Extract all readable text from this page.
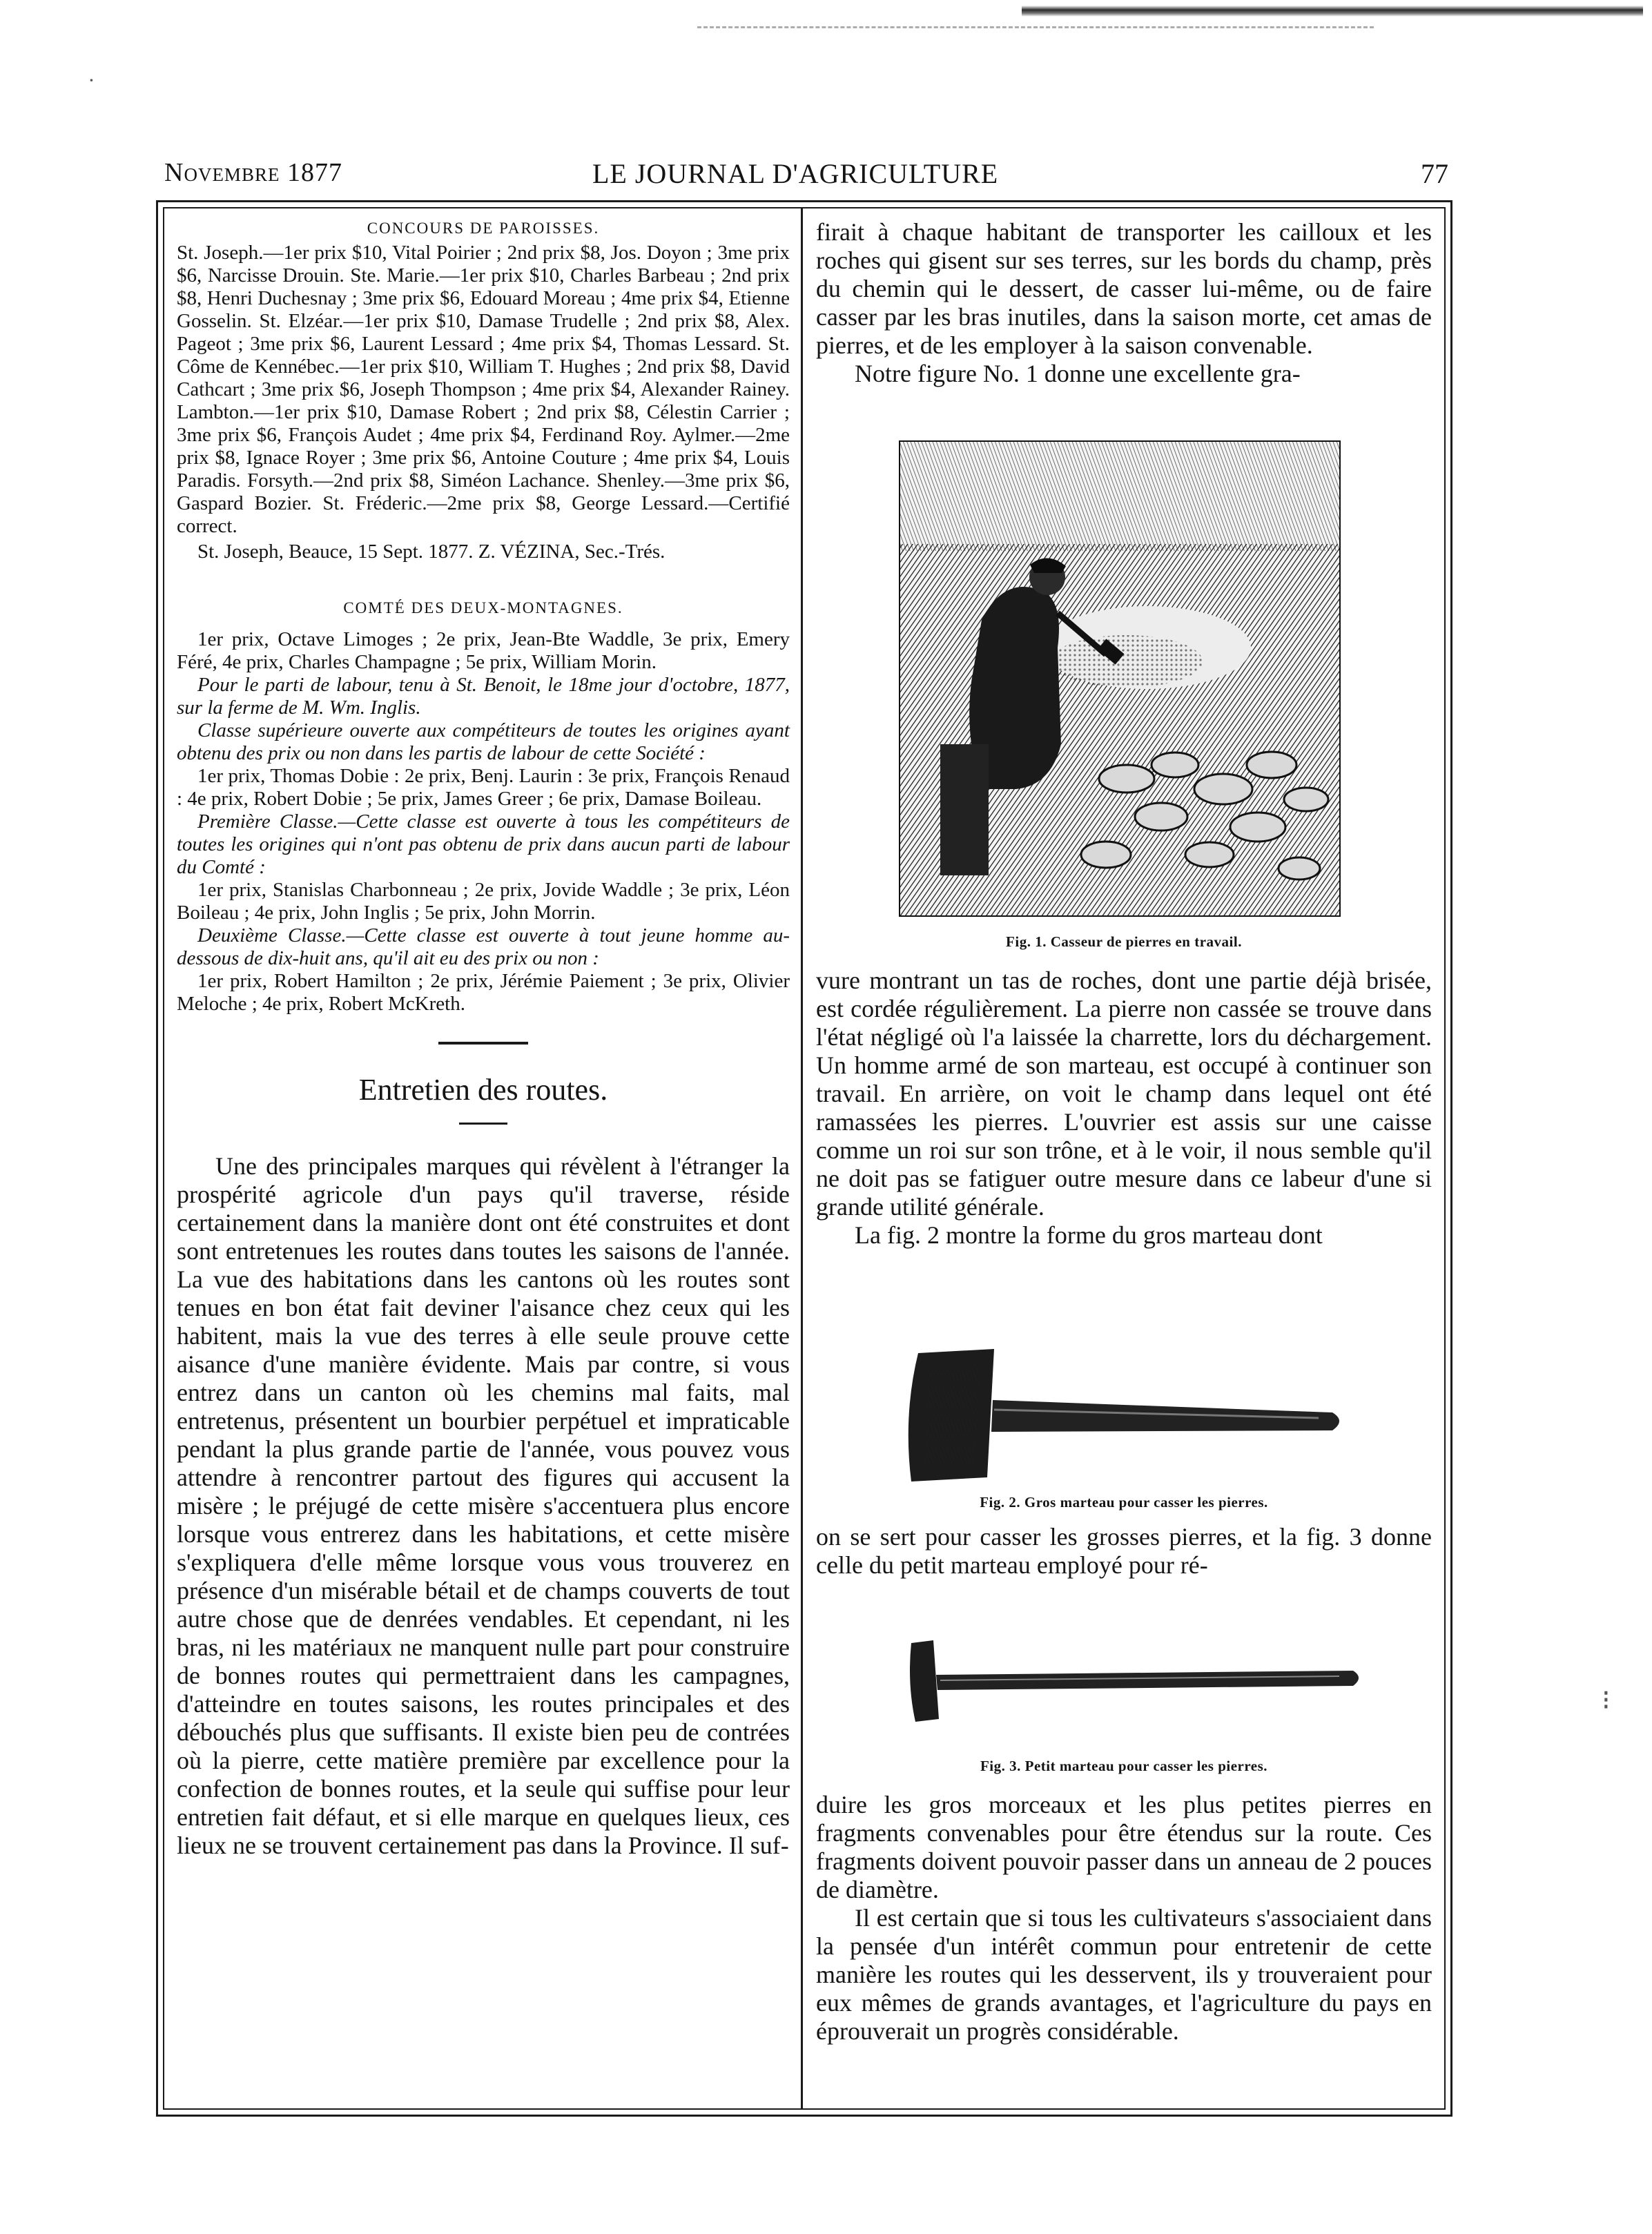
·
Novembre 1877	LE JOURNAL D'AGRICULTURE	77

CONCOURS DE PAROISSES.

St. Joseph.—1er prix $10, Vital Poirier ; 2nd prix $8, Jos. Doyon ; 3me prix $6, Narcisse Drouin. Ste. Marie.—1er prix $10, Charles Barbeau ; 2nd prix $8, Henri Duchesnay ; 3me prix $6, Edouard Moreau ; 4me prix $4, Etienne Gosselin. St. Elzéar.—1er prix $10, Damase Trudelle ; 2nd prix $8, Alex. Pageot ; 3me prix $6, Laurent Lessard ; 4me prix $4, Thomas Lessard. St. Côme de Kennébec.—1er prix $10, William T. Hughes ; 2nd prix $8, David Cathcart ; 3me prix $6, Joseph Thompson ; 4me prix $4, Alexander Rainey. Lambton.—1er prix $10, Damase Robert ; 2nd prix $8, Célestin Carrier ; 3me prix $6, François Audet ; 4me prix $4, Ferdinand Roy. Aylmer.—2me prix $8, Ignace Royer ; 3me prix $6, Antoine Couture ; 4me prix $4, Louis Paradis. Forsyth.—2nd prix $8, Siméon Lachance. Shenley.—3me prix $6, Gaspard Bozier. St. Fréderic.—2me prix $8, George Lessard.—Certifié correct.

St. Joseph, Beauce, 15 Sept. 1877. Z. VÉZINA, Sec.-Trés.

COMTÉ DES DEUX-MONTAGNES.

1er prix, Octave Limoges ; 2e prix, Jean-Bte Waddle, 3e prix, Emery Féré, 4e prix, Charles Champagne ; 5e prix, William Morin.

Pour le parti de labour, tenu à St. Benoit, le 18me jour d'octobre, 1877, sur la ferme de M. Wm. Inglis.

Classe supérieure ouverte aux compétiteurs de toutes les origines ayant obtenu des prix ou non dans les partis de labour de cette Société :

1er prix, Thomas Dobie : 2e prix, Benj. Laurin : 3e prix, François Renaud : 4e prix, Robert Dobie ; 5e prix, James Greer ; 6e prix, Damase Boileau.

Première Classe.—Cette classe est ouverte à tous les compétiteurs de toutes les origines qui n'ont pas obtenu de prix dans aucun parti de labour du Comté :

1er prix, Stanislas Charbonneau ; 2e prix, Jovide Waddle ; 3e prix, Léon Boileau ; 4e prix, John Inglis ; 5e prix, John Morrin.

Deuxième Classe.—Cette classe est ouverte à tout jeune homme au-dessous de dix-huit ans, qu'il ait eu des prix ou non :

1er prix, Robert Hamilton ; 2e prix, Jérémie Paiement ; 3e prix, Olivier Meloche ; 4e prix, Robert McKreth.

Entretien des routes.

Une des principales marques qui révèlent à l'étranger la prospérité agricole d'un pays qu'il traverse, réside certainement dans la manière dont ont été construites et dont sont entretenues les routes dans toutes les saisons de l'année. La vue des habitations dans les cantons où les routes sont tenues en bon état fait deviner l'aisance chez ceux qui les habitent, mais la vue des terres à elle seule prouve cette aisance d'une manière évidente. Mais par contre, si vous entrez dans un canton où les chemins mal faits, mal entretenus, présentent un bourbier perpétuel et impraticable pendant la plus grande partie de l'année, vous pouvez vous attendre à rencontrer partout des figures qui accusent la misère ; le préjugé de cette misère s'accentuera plus encore lorsque vous entrerez dans les habitations, et cette misère s'expliquera d'elle même lorsque vous vous trouverez en présence d'un misérable bétail et de champs couverts de tout autre chose que de denrées vendables. Et cependant, ni les bras, ni les matériaux ne manquent nulle part pour construire de bonnes routes qui permettraient dans les campagnes, d'atteindre en toutes saisons, les routes principales et des débouchés plus que suffisants. Il existe bien peu de contrées où la pierre, cette matière première par excellence pour la confection de bonnes routes, et la seule qui suffise pour leur entretien fait défaut, et si elle marque en quelques lieux, ces lieux ne se trouvent certainement pas dans la Province. Il suf-

firait à chaque habitant de transporter les cailloux et les roches qui gisent sur ses terres, sur les bords du champ, près du chemin qui le dessert, de casser lui-même, ou de faire casser par les bras inutiles, dans la saison morte, cet amas de pierres, et de les employer à la saison convenable.

Notre figure No. 1 donne une excellente gra-

Fig. 1. Casseur de pierres en travail.

vure montrant un tas de roches, dont une partie déjà brisée, est cordée régulièrement. La pierre non cassée se trouve dans l'état négligé où l'a laissée la charrette, lors du déchargement. Un homme armé de son marteau, est occupé à continuer son travail. En arrière, on voit le champ dans lequel ont été ramassées les pierres. L'ouvrier est assis sur une caisse comme un roi sur son trône, et à le voir, il nous semble qu'il ne doit pas se fatiguer outre mesure dans ce labeur d'une si grande utilité générale.

La fig. 2 montre la forme du gros marteau dont

Fig. 2. Gros marteau pour casser les pierres.

on se sert pour casser les grosses pierres, et la fig. 3 donne celle du petit marteau employé pour ré-

Fig. 3. Petit marteau pour casser les pierres.

duire les gros morceaux et les plus petites pierres en fragments convenables pour être étendus sur la route. Ces fragments doivent pouvoir passer dans un anneau de 2 pouces de diamètre.

Il est certain que si tous les cultivateurs s'associaient dans la pensée d'un intérêt commun pour entretenir de cette manière les routes qui les desservent, ils y trouveraient pour eux mêmes de grands avantages, et l'agriculture du pays en éprouverait un progrès considérable.

⁝
